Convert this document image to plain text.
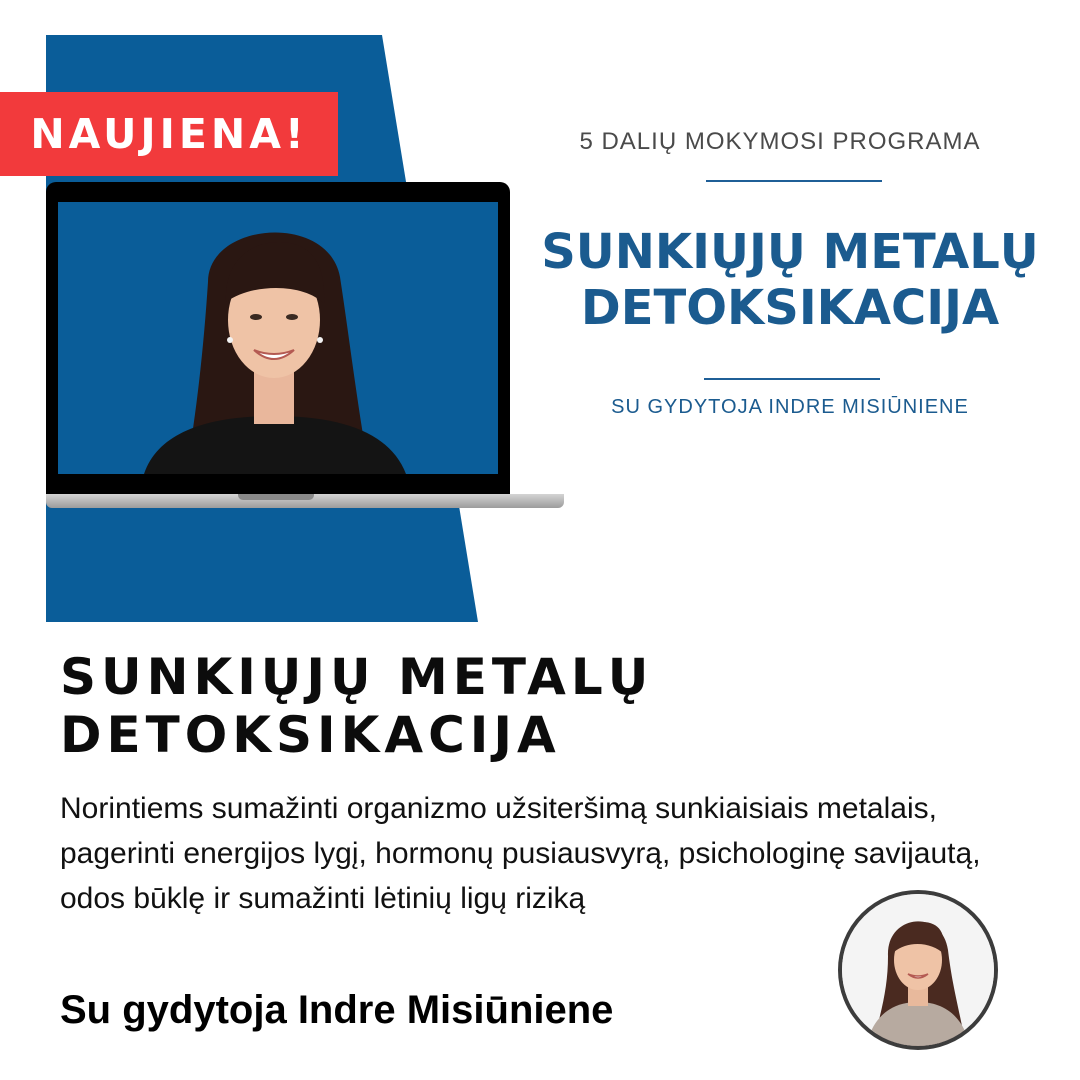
NAUJIENA!	5 DALIŲ MOKYMOSI PROGRAMA
SUNKIŲJŲ METALŲ
DETOKSIKACIJA
SU GYDYTOJA INDRE MISIŪNIENE
SUNKIŲJŲ METALŲ
DETOKSIKACIJA
Norintiems sumažinti organizmo užsiteršimą sunkiaisiais metalais, pagerinti energijos lygį, hormonų pusiausvyrą, psichologinę savijautą, odos būklę ir sumažinti lėtinių ligų riziką
Su gydytoja Indre Misiūniene
